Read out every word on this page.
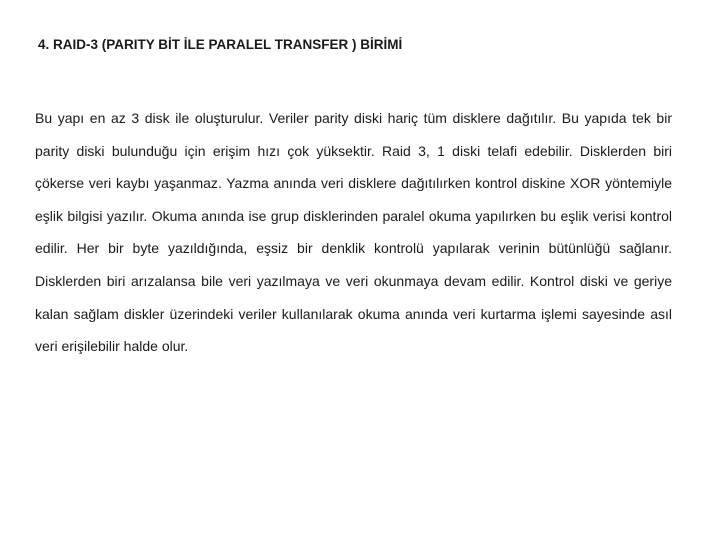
4. RAID-3 (PARITY BİT İLE PARALEL TRANSFER ) BİRİMİ

Bu yapı en az 3 disk ile oluşturulur. Veriler parity diski hariç tüm disklere dağıtılır. Bu yapıda tek bir parity diski bulunduğu için erişim hızı çok yüksektir. Raid 3, 1 diski telafi edebilir. Disklerden biri çökerse veri kaybı yaşanmaz. Yazma anında veri disklere dağıtılırken kontrol diskine XOR yöntemiyle eşlik bilgisi yazılır. Okuma anında ise grup disklerinden paralel okuma yapılırken bu eşlik verisi kontrol edilir. Her bir byte yazıldığında, eşsiz bir denklik kontrolü yapılarak verinin bütünlüğü sağlanır. Disklerden biri arızalansa bile veri yazılmaya ve veri okunmaya devam edilir. Kontrol diski ve geriye kalan sağlam diskler üzerindeki veriler kullanılarak okuma anında veri kurtarma işlemi sayesinde asıl veri erişilebilir halde olur.
